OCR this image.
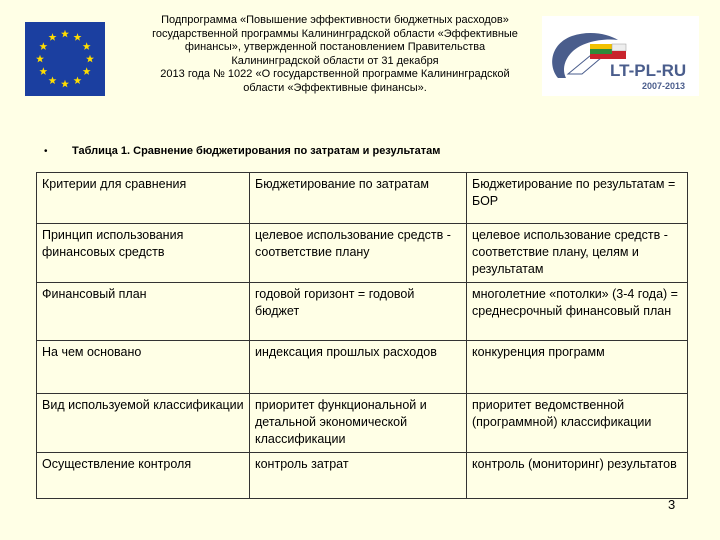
Подпрограмма «Повышение эффективности бюджетных расходов»
государственной программы Калининградской области «Эффективные
финансы», утвержденной постановлением Правительства
Калининградской области от 31 декабря
2013 года № 1022 «О государственной программе Калининградской
области «Эффективные финансы».
LT-PL-RU
2007-2013
• Таблица 1. Сравнение бюджетирования по затратам и результатам
Критерии для сравнения	Бюджетирование по затратам	Бюджетирование по результатам = БОР
Принцип использования финансовых средств	целевое использование средств - соответствие плану	целевое использование средств - соответствие плану, целям и результатам
Финансовый план	годовой горизонт = годовой бюджет	многолетние «потолки» (3-4 года) = среднесрочный финансовый план
На чем основано	индексация прошлых расходов	конкуренция программ
Вид используемой классификации	приоритет функциональной и детальной экономической классификации	приоритет ведомственной (программной) классификации
Осуществление контроля	контроль затрат	контроль (мониторинг) результатов
3
